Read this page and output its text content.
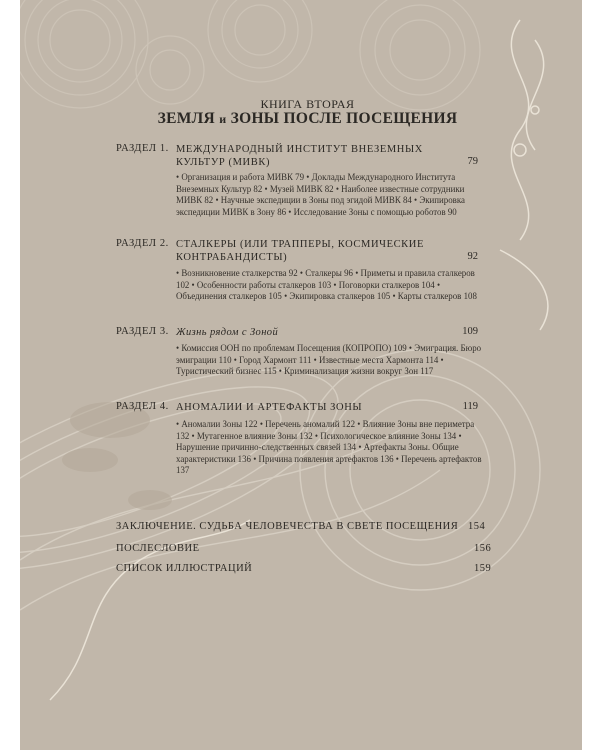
КНИГА ВТОРАЯ
ЗЕМЛЯ и ЗОНЫ ПОСЛЕ ПОСЕЩЕНИЯ
РАЗДЕЛ 1. МЕЖДУНАРОДНЫЙ ИНСТИТУТ ВНЕЗЕМНЫХ КУЛЬТУР (МИВК)	79
• Организация и работа МИВК 79 • Доклады Международного Института Внеземных Культур 82 • Музей МИВК 82 • Наиболее известные сотрудники МИВК 82 • Научные экспедиции в Зоны под эгидой МИВК 84 • Экипировка экспедиции МИВК в Зону 86 • Исследование Зоны с помощью роботов 90
РАЗДЕЛ 2. СТАЛКЕРЫ (ИЛИ ТРАППЕРЫ, КОСМИЧЕСКИЕ КОНТРАБАНДИСТЫ)	92
• Возникновение сталкерства 92 • Сталкеры 96 • Приметы и правила сталкеров 102 • Особенности работы сталкеров 103 • Поговорки сталкеров 104 • Объединения сталкеров 105 • Экипировка сталкеров 105 • Карты сталкеров 108
РАЗДЕЛ 3. Жизнь рядом с Зоной	109
• Комиссия ООН по проблемам Посещения (КОПРОПО) 109 • Эмиграция. Бюро эмиграции 110 • Город Хармонт 111 • Известные места Хармонта 114 • Туристический бизнес 115 • Криминализация жизни вокруг Зон 117
РАЗДЕЛ 4. АНОМАЛИИ И АРТЕФАКТЫ ЗОНЫ	119
• Аномалии Зоны 122 • Перечень аномалий 122 • Влияние Зоны вне периметра 132 • Мутагенное влияние Зоны 132 • Психологическое влияние Зоны 134 • Нарушение причинно-следственных связей 134 • Артефакты Зоны. Общие характеристики 136 • Причина появления артефактов 136 • Перечень артефактов 137
ЗАКЛЮЧЕНИЕ. СУДЬБА ЧЕЛОВЕЧЕСТВА В СВЕТЕ ПОСЕЩЕНИЯ 154
ПОСЛЕСЛОВИЕ	156
СПИСОК ИЛЛЮСТРАЦИЙ	159
